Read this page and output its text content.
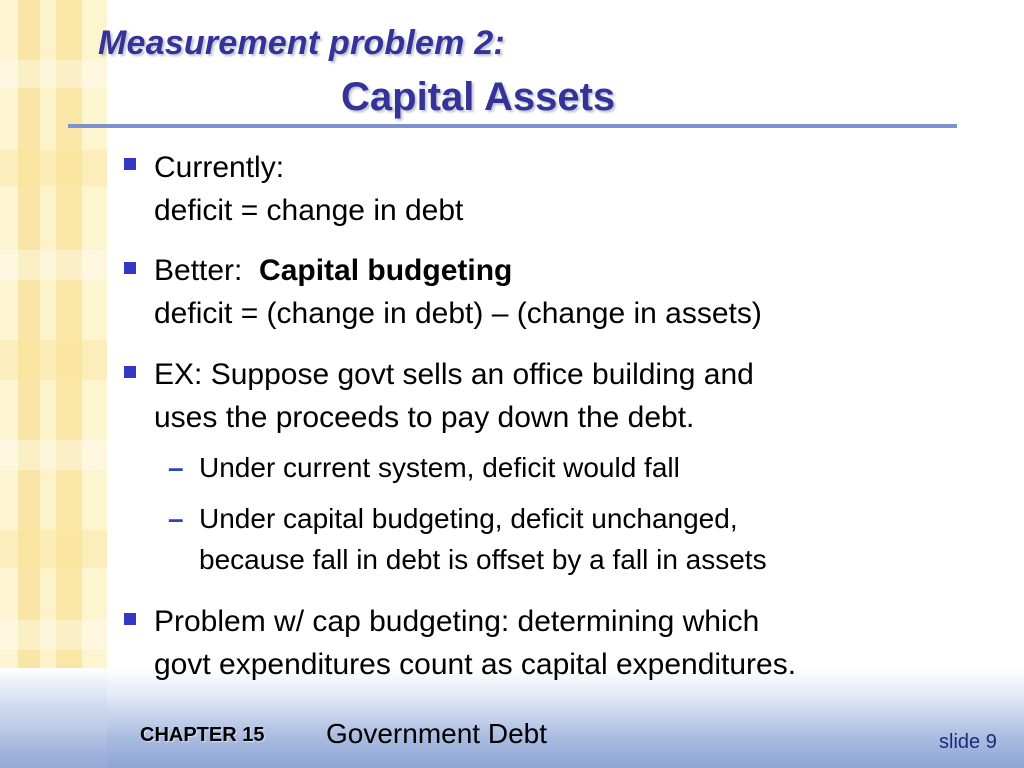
Measurement problem 2:
Capital Assets
Currently:
deficit = change in debt
Better:  Capital budgeting
deficit = (change in debt) – (change in assets)
EX: Suppose govt sells an office building and
uses the proceeds to pay down the debt.
– Under current system, deficit would fall
– Under capital budgeting, deficit unchanged,
because fall in debt is offset by a fall in assets
Problem w/ cap budgeting: determining which
govt expenditures count as capital expenditures.
CHAPTER 15 Government Debt	slide 9
